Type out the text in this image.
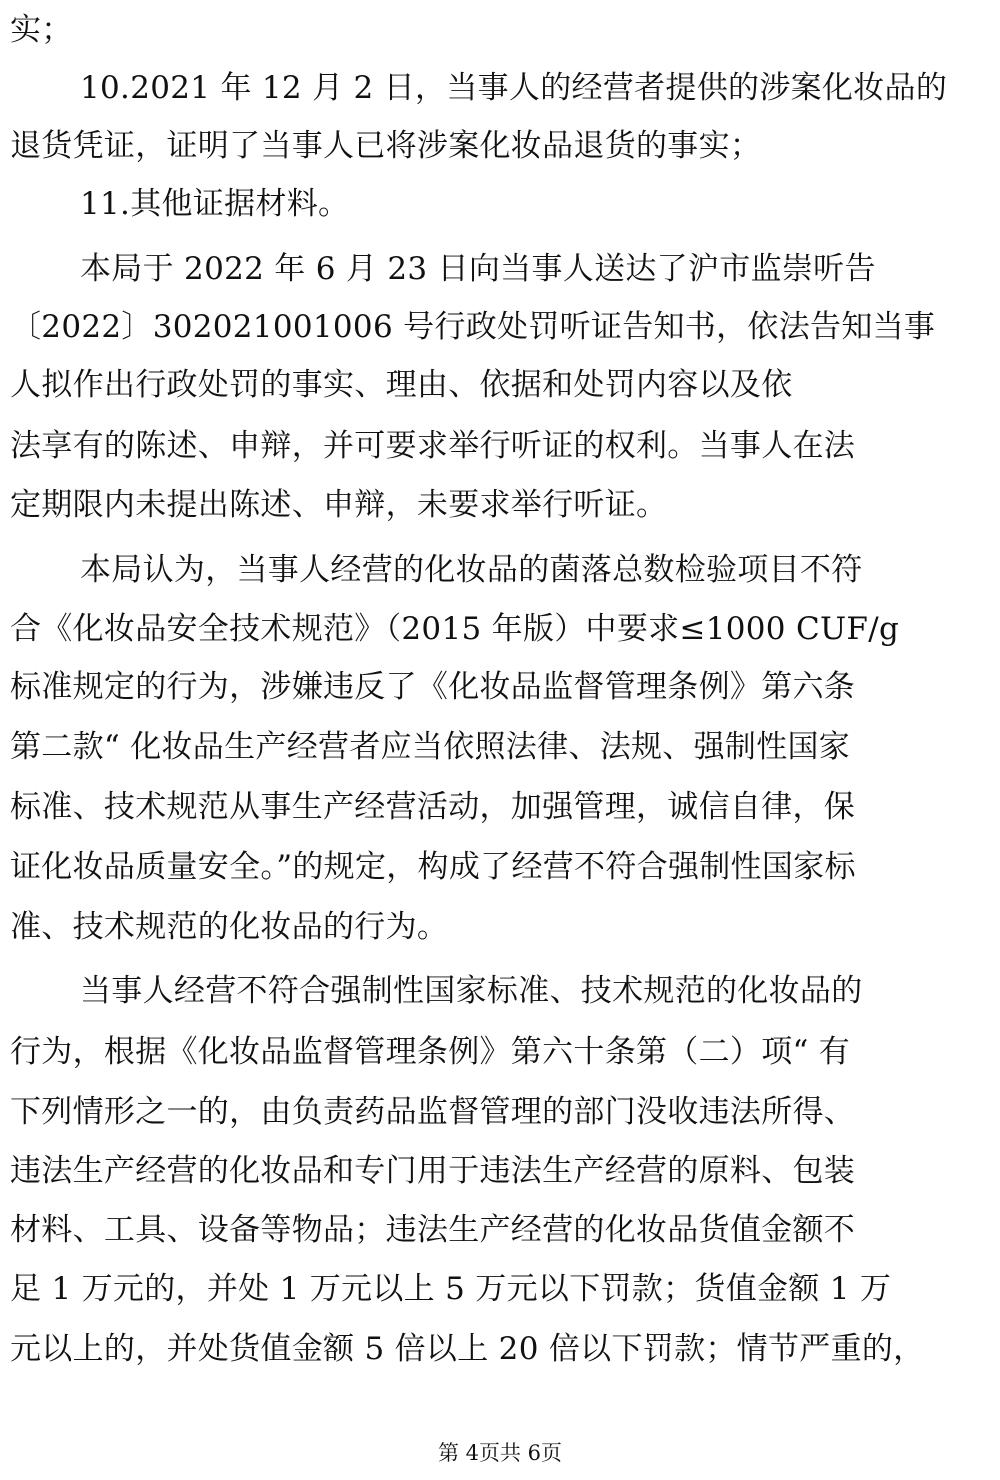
实；
10.2021 年 12 月 2 日，当事人的经营者提供的涉案化妆品的
退货凭证，证明了当事人已将涉案化妆品退货的事实；
11.其他证据材料。
本局于 2022 年 6 月 23 日向当事人送达了沪市监崇听告
〔2022〕302021001006 号行政处罚听证告知书，依法告知当事
人拟作出行政处罚的事实、理由、依据和处罚内容以及依
法享有的陈述、申辩，并可要求举行听证的权利。当事人在法
定期限内未提出陈述、申辩，未要求举行听证。
本局认为，当事人经营的化妆品的菌落总数检验项目不符
合《化妆品安全技术规范》（2015 年版）中要求≤1000 CUF/g
标准规定的行为，涉嫌违反了《化妆品监督管理条例》第六条
第二款“ 化妆品生产经营者应当依照法律、法规、强制性国家
标准、技术规范从事生产经营活动，加强管理，诚信自律，保
证化妆品质量安全。”的规定，构成了经营不符合强制性国家标
准、技术规范的化妆品的行为。
当事人经营不符合强制性国家标准、技术规范的化妆品的
行为，根据《化妆品监督管理条例》第六十条第（二）项“ 有
下列情形之一的，由负责药品监督管理的部门没收违法所得、
违法生产经营的化妆品和专门用于违法生产经营的原料、包装
材料、工具、设备等物品；违法生产经营的化妆品货值金额不
足 1 万元的，并处 1 万元以上 5 万元以下罚款；货值金额 1 万
元以上的，并处货值金额 5 倍以上 20 倍以下罚款；情节严重的，
第 4页共 6页
